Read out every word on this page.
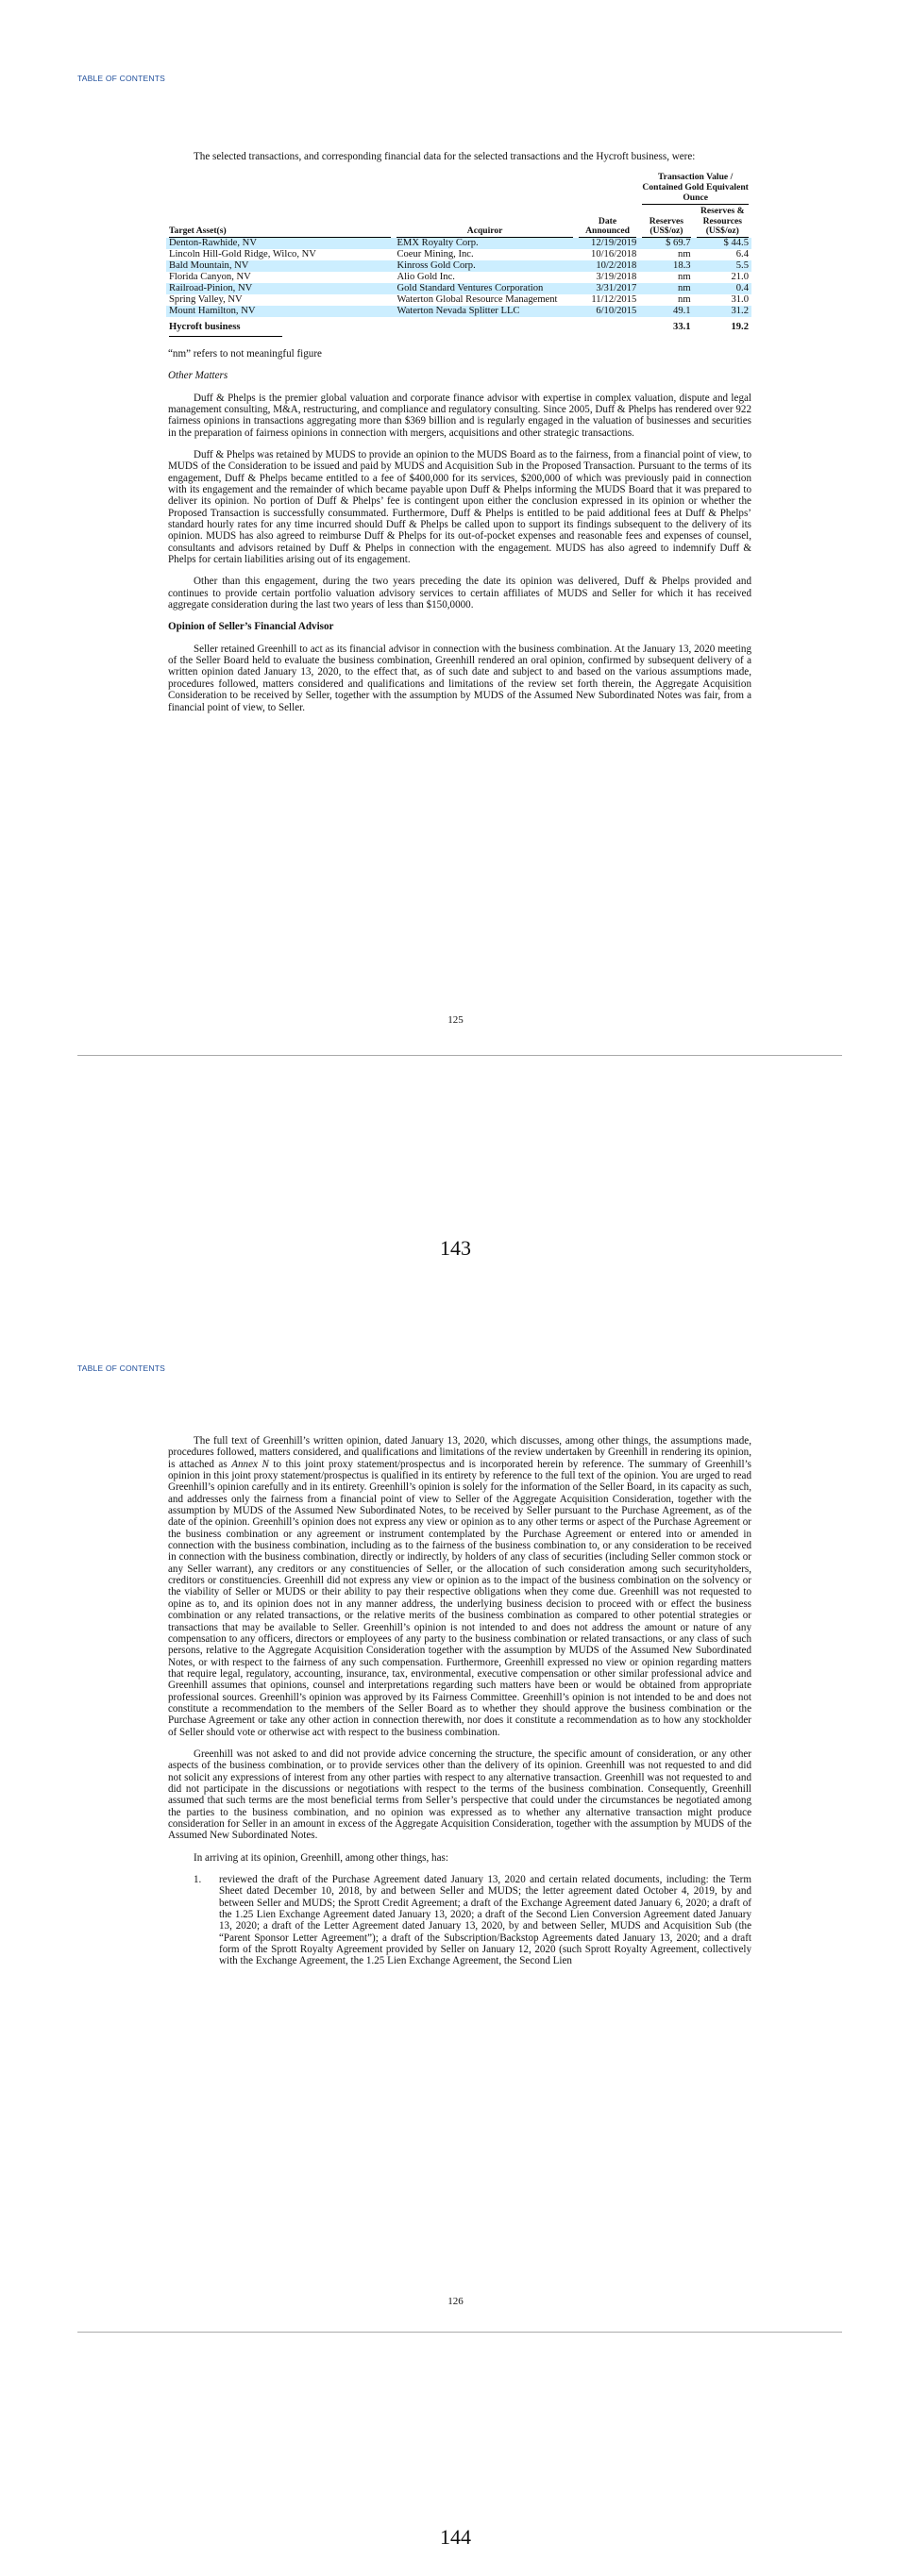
TABLE OF CONTENTS

The selected transactions, and corresponding financial data for the selected transactions and the Hycroft business, were:

			Transaction Value / Contained Gold Equivalent Ounce	

Target Asset(s)	Acquiror	Date Announced	Reserves (US$/oz)	Reserves & Resources (US$/oz)

Denton-Rawhide, NV	EMX Royalty Corp.	12/19/2019	$ 69.7	$ 44.5
Lincoln Hill-Gold Ridge, Wilco, NV	Coeur Mining, Inc.	10/16/2018	nm	6.4
Bald Mountain, NV	Kinross Gold Corp.	10/2/2018	18.3	5.5
Florida Canyon, NV	Alio Gold Inc.	3/19/2018	nm	21.0
Railroad-Pinion, NV	Gold Standard Ventures Corporation	3/31/2017	nm	0.4
Spring Valley, NV	Waterton Global Resource Management	11/12/2015	nm	31.0
Mount Hamilton, NV	Waterton Nevada Splitter LLC	6/10/2015	49.1	31.2
Hycroft business			33.1	19.2

“nm” refers to not meaningful figure

Other Matters

Duff & Phelps is the premier global valuation and corporate finance advisor with expertise in complex valuation, dispute and legal management consulting, M&A, restructuring, and compliance and regulatory consulting. Since 2005, Duff & Phelps has rendered over 922 fairness opinions in transactions aggregating more than $369 billion and is regularly engaged in the valuation of businesses and securities in the preparation of fairness opinions in connection with mergers, acquisitions and other strategic transactions.

Duff & Phelps was retained by MUDS to provide an opinion to the MUDS Board as to the fairness, from a financial point of view, to MUDS of the Consideration to be issued and paid by MUDS and Acquisition Sub in the Proposed Transaction. Pursuant to the terms of its engagement, Duff & Phelps became entitled to a fee of $400,000 for its services, $200,000 of which was previously paid in connection with its engagement and the remainder of which became payable upon Duff & Phelps informing the MUDS Board that it was prepared to deliver its opinion. No portion of Duff & Phelps’ fee is contingent upon either the conclusion expressed in its opinion or whether the Proposed Transaction is successfully consummated. Furthermore, Duff & Phelps is entitled to be paid additional fees at Duff & Phelps’ standard hourly rates for any time incurred should Duff & Phelps be called upon to support its findings subsequent to the delivery of its opinion. MUDS has also agreed to reimburse Duff & Phelps for its out-of-pocket expenses and reasonable fees and expenses of counsel, consultants and advisors retained by Duff & Phelps in connection with the engagement. MUDS has also agreed to indemnify Duff & Phelps for certain liabilities arising out of its engagement.

Other than this engagement, during the two years preceding the date its opinion was delivered, Duff & Phelps provided and continues to provide certain portfolio valuation advisory services to certain affiliates of MUDS and Seller for which it has received aggregate consideration during the last two years of less than $150,0000.

Opinion of Seller’s Financial Advisor

Seller retained Greenhill to act as its financial advisor in connection with the business combination. At the January 13, 2020 meeting of the Seller Board held to evaluate the business combination, Greenhill rendered an oral opinion, confirmed by subsequent delivery of a written opinion dated January 13, 2020, to the effect that, as of such date and subject to and based on the various assumptions made, procedures followed, matters considered and qualifications and limitations of the review set forth therein, the Aggregate Acquisition Consideration to be received by Seller, together with the assumption by MUDS of the Assumed New Subordinated Notes was fair, from a financial point of view, to Seller.

125
143
TABLE OF CONTENTS

The full text of Greenhill’s written opinion, dated January 13, 2020, which discusses, among other things, the assumptions made, procedures followed, matters considered, and qualifications and limitations of the review undertaken by Greenhill in rendering its opinion, is attached as Annex N to this joint proxy statement/prospectus and is incorporated herein by reference. The summary of Greenhill’s opinion in this joint proxy statement/prospectus is qualified in its entirety by reference to the full text of the opinion. You are urged to read Greenhill’s opinion carefully and in its entirety. Greenhill’s opinion is solely for the information of the Seller Board, in its capacity as such, and addresses only the fairness from a financial point of view to Seller of the Aggregate Acquisition Consideration, together with the assumption by MUDS of the Assumed New Subordinated Notes, to be received by Seller pursuant to the Purchase Agreement, as of the date of the opinion. Greenhill’s opinion does not express any view or opinion as to any other terms or aspect of the Purchase Agreement or the business combination or any agreement or instrument contemplated by the Purchase Agreement or entered into or amended in connection with the business combination, including as to the fairness of the business combination to, or any consideration to be received in connection with the business combination, directly or indirectly, by holders of any class of securities (including Seller common stock or any Seller warrant), any creditors or any constituencies of Seller, or the allocation of such consideration among such securityholders, creditors or constituencies. Greenhill did not express any view or opinion as to the impact of the business combination on the solvency or the viability of Seller or MUDS or their ability to pay their respective obligations when they come due. Greenhill was not requested to opine as to, and its opinion does not in any manner address, the underlying business decision to proceed with or effect the business combination or any related transactions, or the relative merits of the business combination as compared to other potential strategies or transactions that may be available to Seller. Greenhill’s opinion is not intended to and does not address the amount or nature of any compensation to any officers, directors or employees of any party to the business combination or related transactions, or any class of such persons, relative to the Aggregate Acquisition Consideration together with the assumption by MUDS of the Assumed New Subordinated Notes, or with respect to the fairness of any such compensation. Furthermore, Greenhill expressed no view or opinion regarding matters that require legal, regulatory, accounting, insurance, tax, environmental, executive compensation or other similar professional advice and Greenhill assumes that opinions, counsel and interpretations regarding such matters have been or would be obtained from appropriate professional sources. Greenhill’s opinion was approved by its Fairness Committee. Greenhill’s opinion is not intended to be and does not constitute a recommendation to the members of the Seller Board as to whether they should approve the business combination or the Purchase Agreement or take any other action in connection therewith, nor does it constitute a recommendation as to how any stockholder of Seller should vote or otherwise act with respect to the business combination.

Greenhill was not asked to and did not provide advice concerning the structure, the specific amount of consideration, or any other aspects of the business combination, or to provide services other than the delivery of its opinion. Greenhill was not requested to and did not solicit any expressions of interest from any other parties with respect to any alternative transaction. Greenhill was not requested to and did not participate in the discussions or negotiations with respect to the terms of the business combination. Consequently, Greenhill assumed that such terms are the most beneficial terms from Seller’s perspective that could under the circumstances be negotiated among the parties to the business combination, and no opinion was expressed as to whether any alternative transaction might produce consideration for Seller in an amount in excess of the Aggregate Acquisition Consideration, together with the assumption by MUDS of the Assumed New Subordinated Notes.

In arriving at its opinion, Greenhill, among other things, has:

1. reviewed the draft of the Purchase Agreement dated January 13, 2020 and certain related documents, including: the Term Sheet dated December 10, 2018, by and between Seller and MUDS; the letter agreement dated October 4, 2019, by and between Seller and MUDS; the Sprott Credit Agreement; a draft of the Exchange Agreement dated January 6, 2020; a draft of the 1.25 Lien Exchange Agreement dated January 13, 2020; a draft of the Second Lien Conversion Agreement dated January 13, 2020; a draft of the Letter Agreement dated January 13, 2020, by and between Seller, MUDS and Acquisition Sub (the “Parent Sponsor Letter Agreement”); a draft of the Subscription/Backstop Agreements dated January 13, 2020; and a draft form of the Sprott Royalty Agreement provided by Seller on January 12, 2020 (such Sprott Royalty Agreement, collectively with the Exchange Agreement, the 1.25 Lien Exchange Agreement, the Second Lien
126
144
